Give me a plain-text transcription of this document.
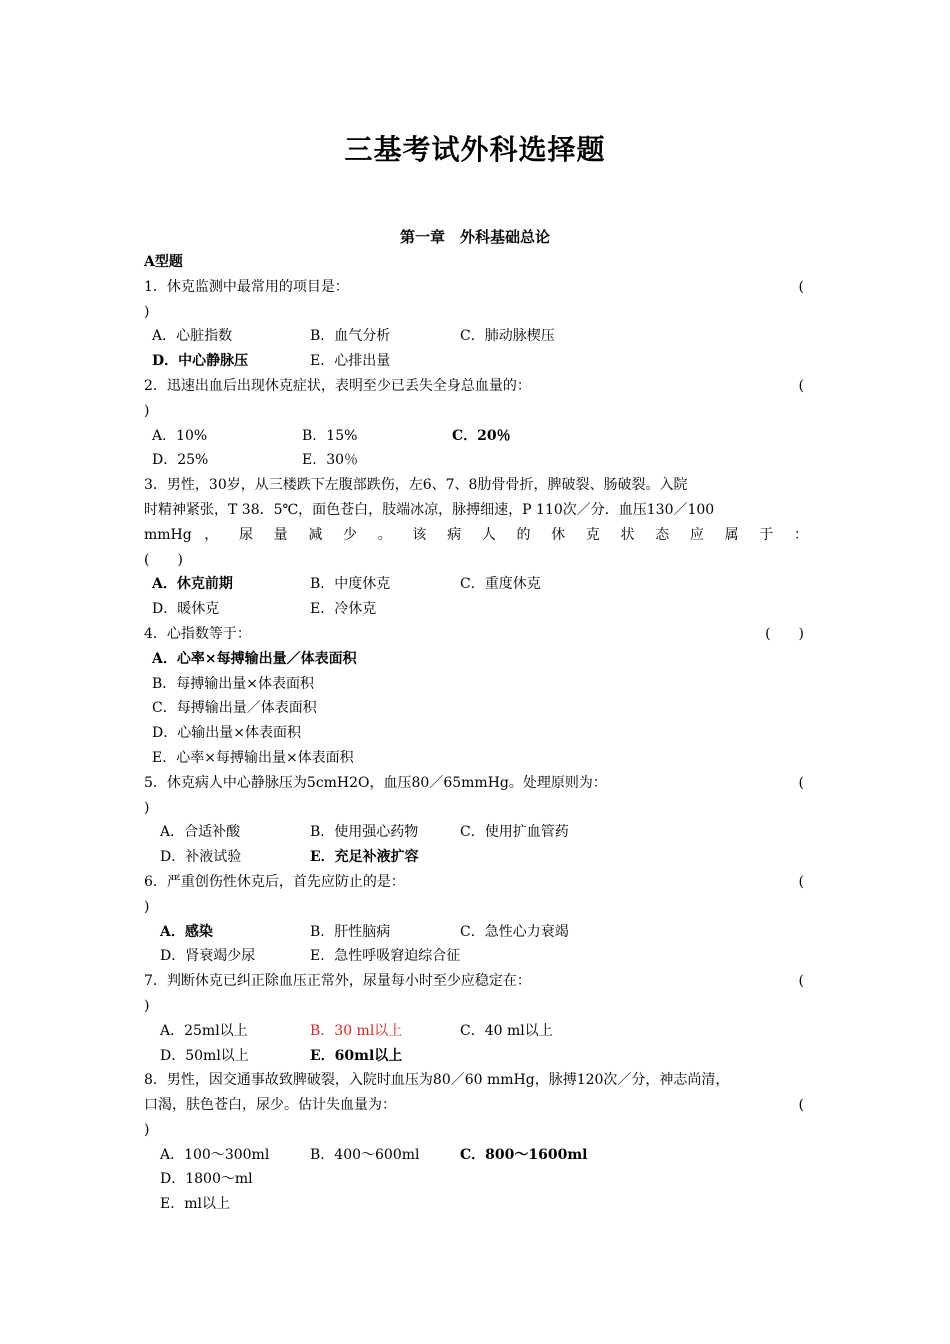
三基考试外科选择题
第一章　外科基础总论
A型题
1．休克监测中最常用的项目是：	(
)
A．心脏指数	B．血气分析	C．肺动脉楔压
D．中心静脉压	E．心排出量
2．迅速出血后出现休克症状，表明至少已丢失全身总血量的：	(
)
A．10%	B．15%	C．20％
D．25%	E．30％
3．男性，30岁，从三楼跌下左腹部跌伤，左6、7、8肋骨骨折，脾破裂、肠破裂。入院
时精神紧张，T 38．5℃，面色苍白，肢端冰凉，脉搏细速，P 110次／分．血压130／100
mmHg ， 尿 量 减 少 。 该 病 人 的 休 克 状 态 应 属 于 ：
(　　)
A．休克前期	B．中度休克	C．重度休克
D．暖休克	E．冷休克
4．心指数等于：	(　　)
A．心率×每搏输出量／体表面积
B．每搏输出量×体表面积
C．每搏输出量／体表面积
D．心输出量×体表面积
E．心率×每搏输出量×体表面积
5．休克病人中心静脉压为5cmH2O，血压80／65mmHg。处理原则为：	(
)
A．合适补酸	B．使用强心药物	C．使用扩血管药
D．补液试验	E．充足补液扩容
6．严重创伤性休克后，首先应防止的是：	(
)
A．感染	B．肝性脑病	C．急性心力衰竭
D．肾衰竭少尿	E．急性呼吸窘迫综合征
7．判断休克已纠正除血压正常外，尿量每小时至少应稳定在：	(
)
A．25ml以上	B．30 ml以上	C．40 ml以上
D．50ml以上	E．60ml以上
8．男性，因交通事故致脾破裂，入院时血压为80／60 mmHg，脉搏120次／分，神志尚清，
口渴，肤色苍白，尿少。估计失血量为：	(
)
A．100～300ml	B．400～600ml	C．800～1600ml
D．1800～ml
E．ml以上
